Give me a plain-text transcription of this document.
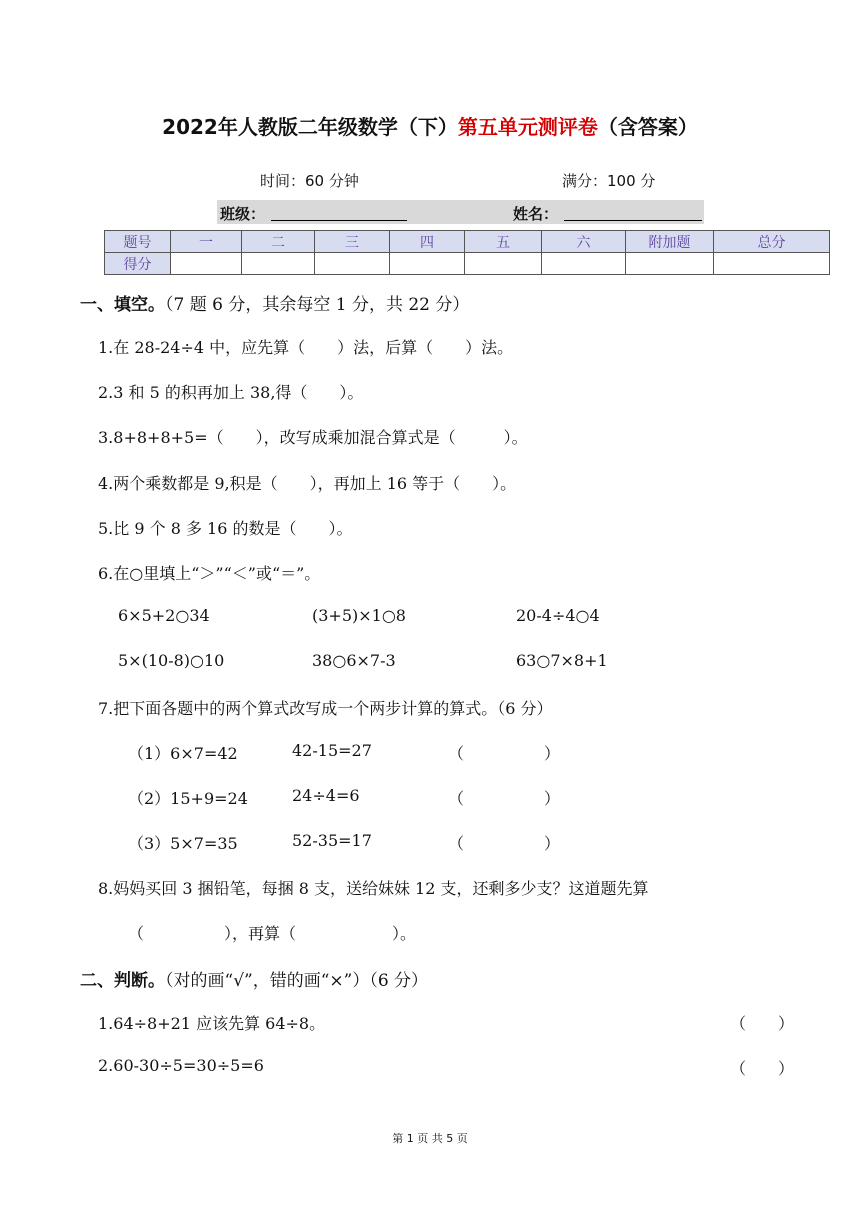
2022年人教版二年级数学（下）第五单元测评卷（含答案）
时间：60 分钟	满分：100 分
班级：	姓名：
题号	一	二	三	四	五	六	附加题	总分
得分								
一、填空。（7 题 6 分，其余每空 1 分，共 22 分）
1.在 28-24÷4 中，应先算（　　）法，后算（　　）法。
2.3 和 5 的积再加上 38,得（　　）。
3.8+8+8+5=（　　），改写成乘加混合算式是（　　　）。
4.两个乘数都是 9,积是（　　），再加上 16 等于（　　）。
5.比 9 个 8 多 16 的数是（　　）。
6.在○里填上“＞”“＜”或“＝”。
6×5+2○34	(3+5)×1○8	20-4÷4○4
5×(10-8)○10	38○6×7-3	63○7×8+1
7.把下面各题中的两个算式改写成一个两步计算的算式。（6 分）
（1）6×7=42	42-15=27	（　　　　　）
（2）15+9=24	24÷4=6	（　　　　　）
（3）5×7=35	52-35=17	（　　　　　）
8.妈妈买回 3 捆铅笔，每捆 8 支，送给妹妹 12 支，还剩多少支？这道题先算
（　　　　　），再算（　　　　　　）。
二、判断。（对的画“√”，错的画“×”）（6 分）
1.64÷8+21 应该先算 64÷8。	（　　）
2.60-30÷5=30÷5=6	（　　）
第 1 页 共 5 页
